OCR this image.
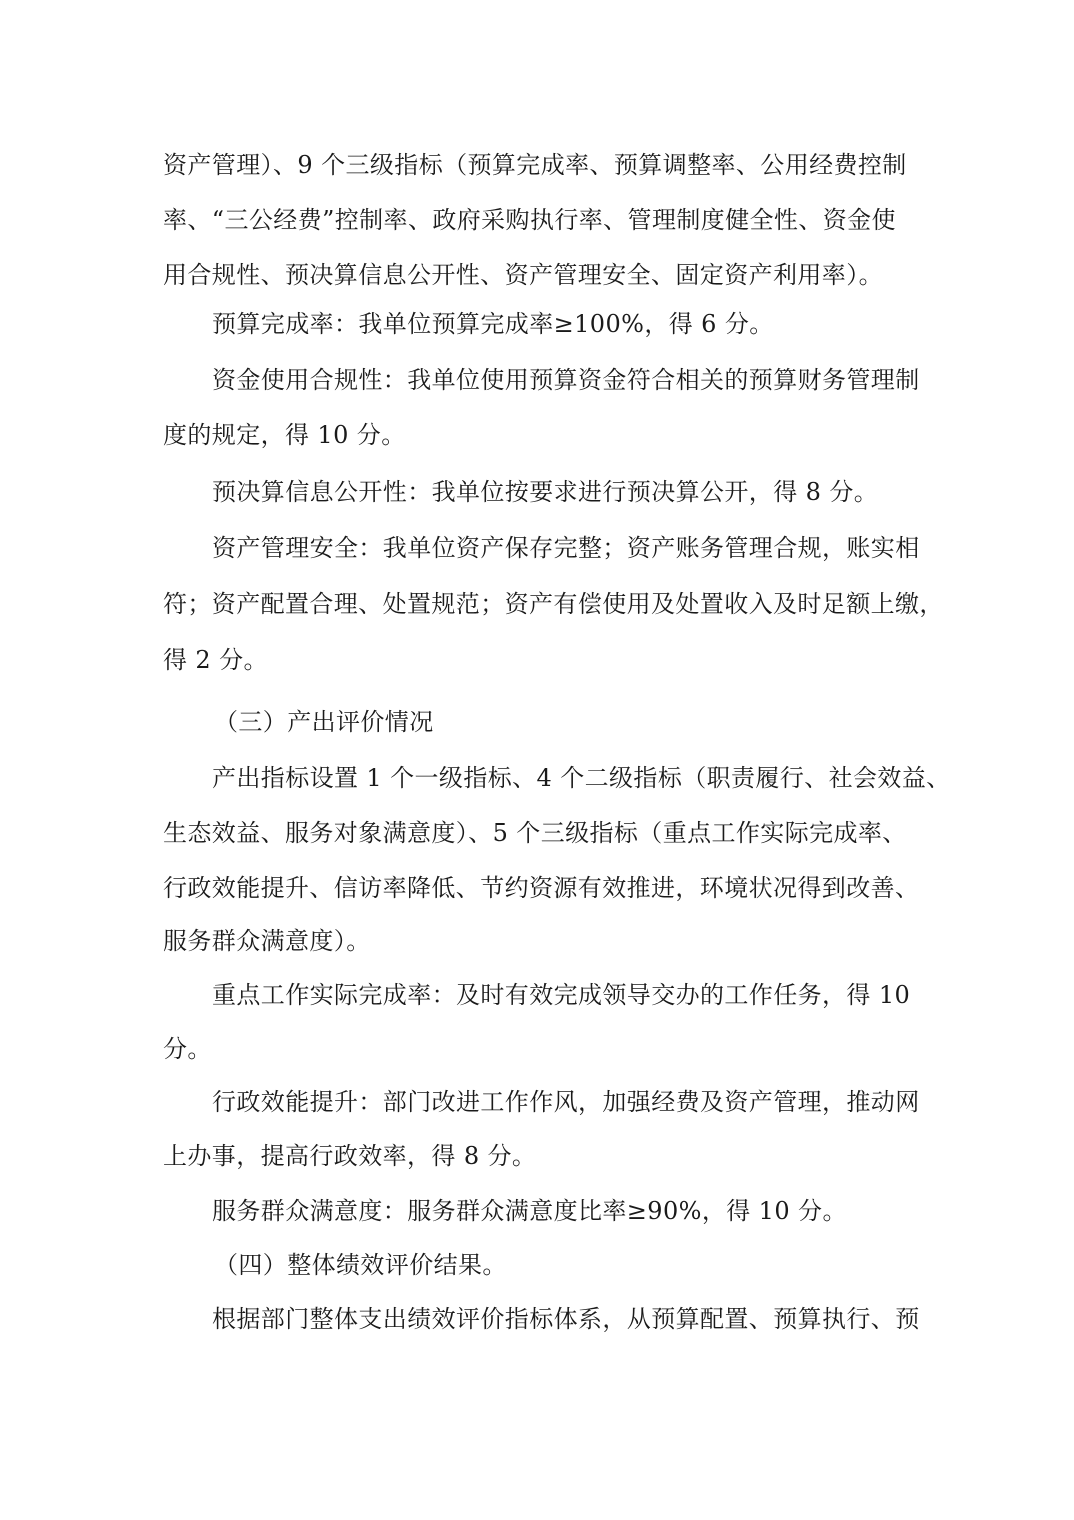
资产管理）、9 个三级指标（预算完成率、预算调整率、公用经费控制
率、“三公经费”控制率、政府采购执行率、管理制度健全性、资金使
用合规性、预决算信息公开性、资产管理安全、固定资产利用率）。
预算完成率：我单位预算完成率≥100%，得 6 分。
资金使用合规性：我单位使用预算资金符合相关的预算财务管理制
度的规定，得 10 分。
预决算信息公开性：我单位按要求进行预决算公开，得 8 分。
资产管理安全：我单位资产保存完整；资产账务管理合规，账实相
符；资产配置合理、处置规范；资产有偿使用及处置收入及时足额上缴，
得 2 分。
（三）产出评价情况
产出指标设置 1 个一级指标、4 个二级指标（职责履行、社会效益、
生态效益、服务对象满意度）、5 个三级指标（重点工作实际完成率、
行政效能提升、信访率降低、节约资源有效推进，环境状况得到改善、
服务群众满意度）。
重点工作实际完成率：及时有效完成领导交办的工作任务，得 10
分。
行政效能提升：部门改进工作作风，加强经费及资产管理，推动网
上办事，提高行政效率，得 8 分。
服务群众满意度：服务群众满意度比率≥90%，得 10 分。
（四）整体绩效评价结果。
根据部门整体支出绩效评价指标体系，从预算配置、预算执行、预
